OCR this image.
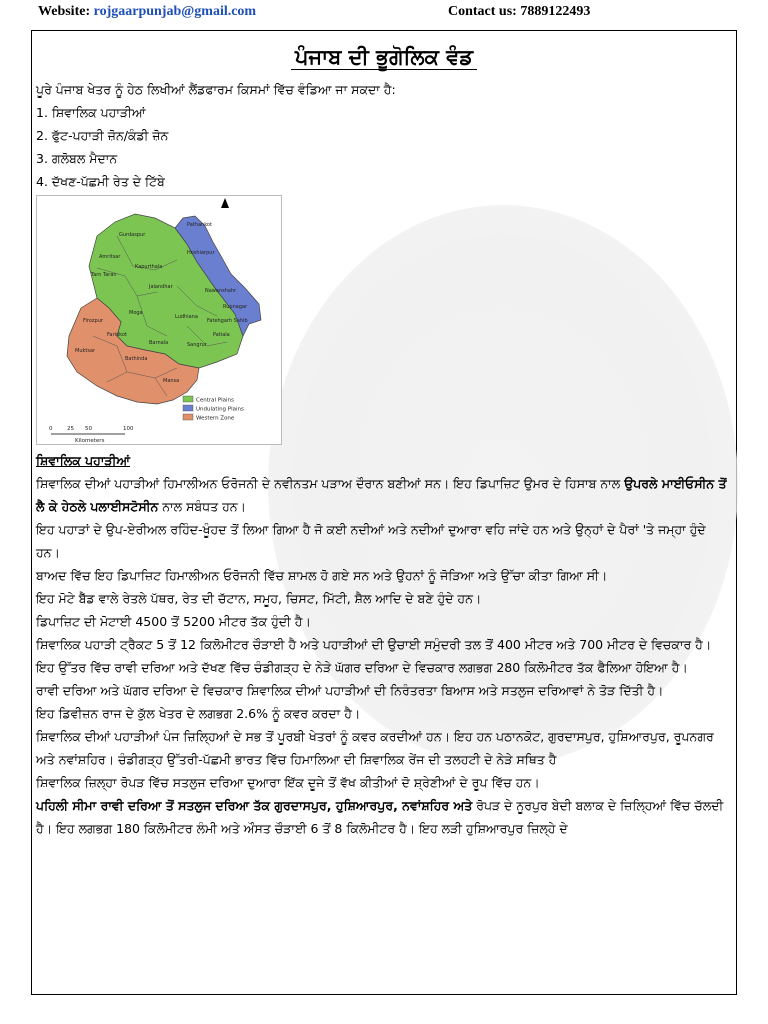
Website: rojgaarpunjab@gmail.com	Contact us: 7889122493
ਪੰਜਾਬ ਦੀ ਭੂਗੋਲਿਕ ਵੰਡ
ਪੂਰੇ ਪੰਜਾਬ ਖੇਤਰ ਨੂੰ ਹੇਠ ਲਿਖੀਆਂ ਲੈਂਡਫਾਰਮ ਕਿਸਮਾਂ ਵਿੱਚ ਵੰਡਿਆ ਜਾ ਸਕਦਾ ਹੈ:
1. ਸ਼ਿਵਾਲਿਕ ਪਹਾੜੀਆਂ
2. ਫੁੱਟ-ਪਹਾੜੀ ਜ਼ੋਨ/ਕੰਡੀ ਜ਼ੋਨ
3. ਗਲੋਬਲ ਮੈਦਾਨ
4. ਦੱਖਣ-ਪੱਛਮੀ ਰੇਤ ਦੇ ਟਿੱਬੇ
Gurdaspur
Amritsar
Tarn Taran
Kapurthala
Jalandhar
Hoshiarpur
Nawanshahr
Rupnagar
Ludhiana
Moga
Firozpur
Faridkot
Muktsar
Bathinda
Mansa
Sangrur
Barnala
Patiala
Fatehgarh Sahib
Pathankot
Central Plains
Undulating Plains
Western Zone
0	25 50	100
Kilometers
ਸ਼ਿਵਾਲਿਕ ਪਹਾੜੀਆਂ

ਸ਼ਿਵਾਲਿਕ ਦੀਆਂ ਪਹਾੜੀਆਂ ਹਿਮਾਲੀਅਨ ਓਰੋਜਨੀ ਦੇ ਨਵੀਨਤਮ ਪੜਾਅ ਦੌਰਾਨ ਬਣੀਆਂ ਸਨ। ਇਹ ਡਿਪਾਜ਼ਿਟ ਉਮਰ ਦੇ ਹਿਸਾਬ ਨਾਲ ਉਪਰਲੇ ਮਾਈਓਸੀਨ ਤੋਂ ਲੈ ਕੇ ਹੇਠਲੇ ਪਲਾਈਸਟੋਸੀਨ ਨਾਲ ਸਬੰਧਤ ਹਨ।

ਇਹ ਪਹਾੜਾਂ ਦੇ ਉਪ-ਏਰੀਅਲ ਰਹਿੰਦ-ਖੂੰਹਦ ਤੋਂ ਲਿਆ ਗਿਆ ਹੈ ਜੋ ਕਈ ਨਦੀਆਂ ਅਤੇ ਨਦੀਆਂ ਦੁਆਰਾ ਵਹਿ ਜਾਂਦੇ ਹਨ ਅਤੇ ਉਨ੍ਹਾਂ ਦੇ ਪੈਰਾਂ 'ਤੇ ਜਮ੍ਹਾ ਹੁੰਦੇ ਹਨ।

ਬਾਅਦ ਵਿੱਚ ਇਹ ਡਿਪਾਜ਼ਿਟ ਹਿਮਾਲੀਅਨ ਓਰੋਜਨੀ ਵਿੱਚ ਸ਼ਾਮਲ ਹੋ ਗਏ ਸਨ ਅਤੇ ਉਹਨਾਂ ਨੂੰ ਜੋੜਿਆ ਅਤੇ ਉੱਚਾ ਕੀਤਾ ਗਿਆ ਸੀ।

ਇਹ ਮੋਟੇ ਬੈੱਡ ਵਾਲੇ ਰੇਤਲੇ ਪੱਥਰ, ਰੇਤ ਦੀ ਚੱਟਾਨ, ਸਮੂਹ, ਚਿਸਟ, ਮਿੱਟੀ, ਸ਼ੈਲ ਆਦਿ ਦੇ ਬਣੇ ਹੁੰਦੇ ਹਨ।

ਡਿਪਾਜ਼ਿਟ ਦੀ ਮੋਟਾਈ 4500 ਤੋਂ 5200 ਮੀਟਰ ਤੱਕ ਹੁੰਦੀ ਹੈ।

ਸ਼ਿਵਾਲਿਕ ਪਹਾੜੀ ਟ੍ਰੈਕਟ 5 ਤੋਂ 12 ਕਿਲੋਮੀਟਰ ਚੌੜਾਈ ਹੈ ਅਤੇ ਪਹਾੜੀਆਂ ਦੀ ਉਚਾਈ ਸਮੁੰਦਰੀ ਤਲ ਤੋਂ 400 ਮੀਟਰ ਅਤੇ 700 ਮੀਟਰ ਦੇ ਵਿਚਕਾਰ ਹੈ।

ਇਹ ਉੱਤਰ ਵਿੱਚ ਰਾਵੀ ਦਰਿਆ ਅਤੇ ਦੱਖਣ ਵਿੱਚ ਚੰਡੀਗੜ੍ਹ ਦੇ ਨੇੜੇ ਘੱਗਰ ਦਰਿਆ ਦੇ ਵਿਚਕਾਰ ਲਗਭਗ 280 ਕਿਲੋਮੀਟਰ ਤੱਕ ਫੈਲਿਆ ਹੋਇਆ ਹੈ।

ਰਾਵੀ ਦਰਿਆ ਅਤੇ ਘੱਗਰ ਦਰਿਆ ਦੇ ਵਿਚਕਾਰ ਸ਼ਿਵਾਲਿਕ ਦੀਆਂ ਪਹਾੜੀਆਂ ਦੀ ਨਿਰੰਤਰਤਾ ਬਿਆਸ ਅਤੇ ਸਤਲੁਜ ਦਰਿਆਵਾਂ ਨੇ ਤੋੜ ਦਿੱਤੀ ਹੈ।

ਇਹ ਡਿਵੀਜ਼ਨ ਰਾਜ ਦੇ ਕੁੱਲ ਖੇਤਰ ਦੇ ਲਗਭਗ 2.6% ਨੂੰ ਕਵਰ ਕਰਦਾ ਹੈ।

ਸ਼ਿਵਾਲਿਕ ਦੀਆਂ ਪਹਾੜੀਆਂ ਪੰਜ ਜ਼ਿਲ੍ਹਿਆਂ ਦੇ ਸਭ ਤੋਂ ਪੂਰਬੀ ਖੇਤਰਾਂ ਨੂੰ ਕਵਰ ਕਰਦੀਆਂ ਹਨ। ਇਹ ਹਨ ਪਠਾਨਕੋਟ, ਗੁਰਦਾਸਪੁਰ, ਹੁਸ਼ਿਆਰਪੁਰ, ਰੂਪਨਗਰ ਅਤੇ ਨਵਾਂਸ਼ਹਿਰ। ਚੰਡੀਗੜ੍ਹ ਉੱਤਰੀ-ਪੱਛਮੀ ਭਾਰਤ ਵਿੱਚ ਹਿਮਾਲਿਆ ਦੀ ਸ਼ਿਵਾਲਿਕ ਰੇਂਜ ਦੀ ਤਲਹਟੀ ਦੇ ਨੇੜੇ ਸਥਿਤ ਹੈ

ਸ਼ਿਵਾਲਿਕ ਜ਼ਿਲ੍ਹਾ ਰੋਪੜ ਵਿੱਚ ਸਤਲੁਜ ਦਰਿਆ ਦੁਆਰਾ ਇੱਕ ਦੂਜੇ ਤੋਂ ਵੱਖ ਕੀਤੀਆਂ ਦੋ ਸ਼੍ਰੇਣੀਆਂ ਦੇ ਰੂਪ ਵਿੱਚ ਹਨ।

ਪਹਿਲੀ ਸੀਮਾ ਰਾਵੀ ਦਰਿਆ ਤੋਂ ਸਤਲੁਜ ਦਰਿਆ ਤੱਕ ਗੁਰਦਾਸਪੁਰ, ਹੁਸ਼ਿਆਰਪੁਰ, ਨਵਾਂਸ਼ਹਿਰ ਅਤੇ ਰੋਪੜ ਦੇ ਨੂਰਪੁਰ ਬੇਦੀ ਬਲਾਕ ਦੇ ਜ਼ਿਲ੍ਹਿਆਂ ਵਿੱਚ ਚੱਲਦੀ ਹੈ। ਇਹ ਲਗਭਗ 180 ਕਿਲੋਮੀਟਰ ਲੰਮੀ ਅਤੇ ਔਸਤ ਚੌੜਾਈ 6 ਤੋਂ 8 ਕਿਲੋਮੀਟਰ ਹੈ। ਇਹ ਲੜੀ ਹੁਸ਼ਿਆਰਪੁਰ ਜ਼ਿਲ੍ਹੇ ਦੇ
